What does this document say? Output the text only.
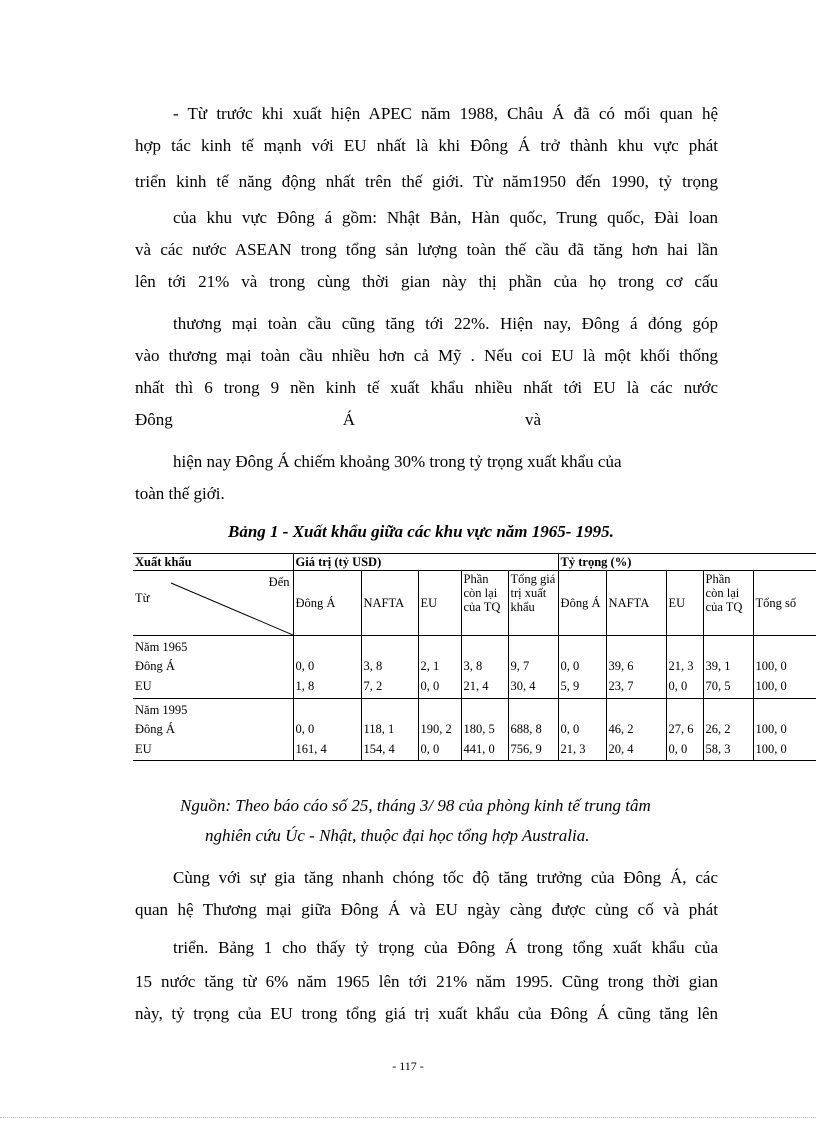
- Từ trước khi xuất hiện APEC năm 1988, Châu Á đã có mối quan hệ
hợp tác kinh tế mạnh với EU nhất là khi Đông Á trở thành khu vực phát
triển kinh tế năng động nhất trên thế giới. Từ năm1950 đến 1990, tỷ trọng
của khu vực Đông á gồm: Nhật Bản, Hàn quốc, Trung quốc, Đài loan
và các nước ASEAN trong tổng sản lượng toàn thế cầu đã tăng hơn hai lần
lên tới 21% và trong cùng thời gian này thị phần của họ trong cơ cấu
thương mại toàn cầu cũng tăng tới 22%. Hiện nay, Đông á đóng góp
vào thương mại toàn cầu nhiều hơn cả Mỹ . Nếu coi EU là một khối thống
nhất thì 6 trong 9 nền kinh tế xuất khẩu nhiều nhất tới EU là các nước
Đông                                        Á                                        và
hiện nay Đông Á chiếm khoảng 30% trong tỷ trọng xuất khẩu của
toàn thế giới.
Bảng 1 - Xuất khẩu giữa các khu vực năm 1965- 1995.
Xuất khẩu	Giá trị (tỷ USD)					Tỷ trọng (%)				

Đến
Từ	Đông Á	NAFTA	EU	Phần còn lại của TQ	Tổng giá trị xuất khẩu	Đông Á	NAFTA	EU	Phần còn lại của TQ	Tổng số
Năm 1965										
Đông Á	0, 0	3, 8	2, 1	3, 8	9, 7	0, 0	39, 6	21, 3	39, 1	100, 0
EU	1, 8	7, 2	0, 0	21, 4	30, 4	5, 9	23, 7	0, 0	70, 5	100, 0
Năm 1995										
Đông Á	0, 0	118, 1	190, 2	180, 5	688, 8	0, 0	46, 2	27, 6	26, 2	100, 0
EU	161, 4	154, 4	0, 0	441, 0	756, 9	21, 3	20, 4	0, 0	58, 3	100, 0
Nguồn: Theo báo cáo số 25, tháng 3/ 98 của phòng kinh tế trung tâm
nghiên cứu Úc - Nhật, thuộc đại học tổng hợp Australia.
Cùng với sự gia tăng nhanh chóng tốc độ tăng trưởng của Đông Á, các
quan hệ Thương mại giữa Đông Á và EU ngày càng được củng cố và phát
triển. Bảng 1 cho thấy tỷ trọng của Đông Á trong tổng xuất khẩu của
15 nước tăng từ 6% năm 1965 lên tới 21% năm 1995. Cũng trong thời gian
này, tỷ trọng của EU trong tổng giá trị xuất khẩu của Đông Á cũng tăng lên
- 117 -
